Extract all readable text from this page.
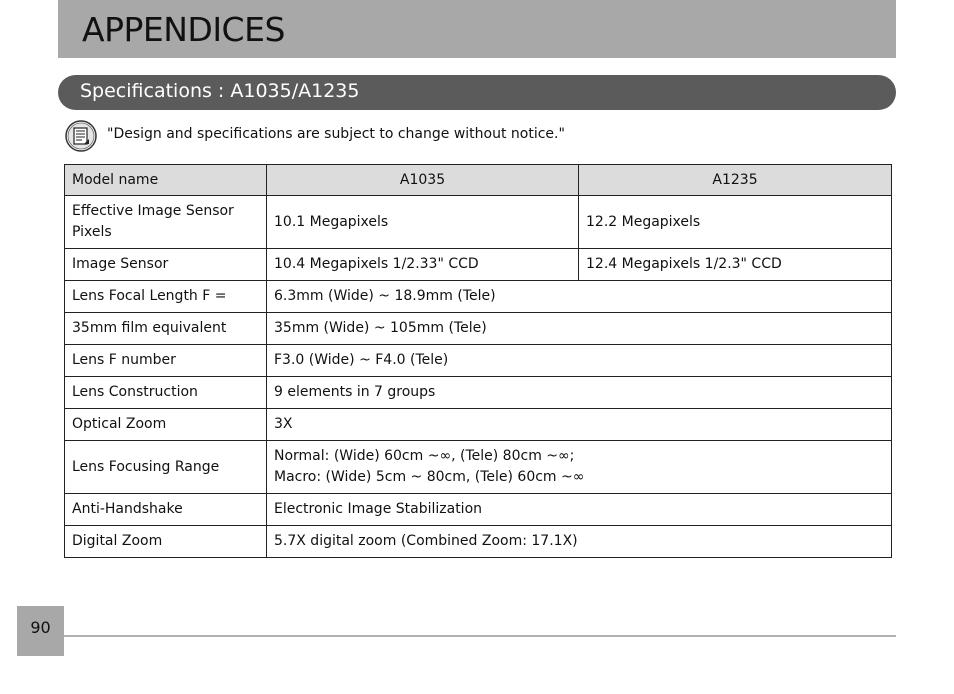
APPENDICES
Specifications : A1035/A1235
"Design and specifications are subject to change without notice."
Model name	A1035	A1235
Effective Image Sensor Pixels	10.1 Megapixels	12.2 Megapixels
Image Sensor	10.4 Megapixels 1/2.33" CCD	12.4 Megapixels 1/2.3" CCD
Lens Focal Length F =	6.3mm (Wide) ~ 18.9mm (Tele)	
35mm film equivalent	35mm (Wide) ~ 105mm (Tele)	
Lens F number	F3.0 (Wide) ~ F4.0 (Tele)	
Lens Construction	9 elements in 7 groups	
Optical Zoom	3X	
Lens Focusing Range	Normal: (Wide) 60cm ~∞, (Tele) 80cm ~∞;
Macro: (Wide) 5cm ~ 80cm, (Tele) 60cm ~∞	

Anti-Handshake	Electronic Image Stabilization	
Digital Zoom	5.7X digital zoom (Combined Zoom: 17.1X)	
90
